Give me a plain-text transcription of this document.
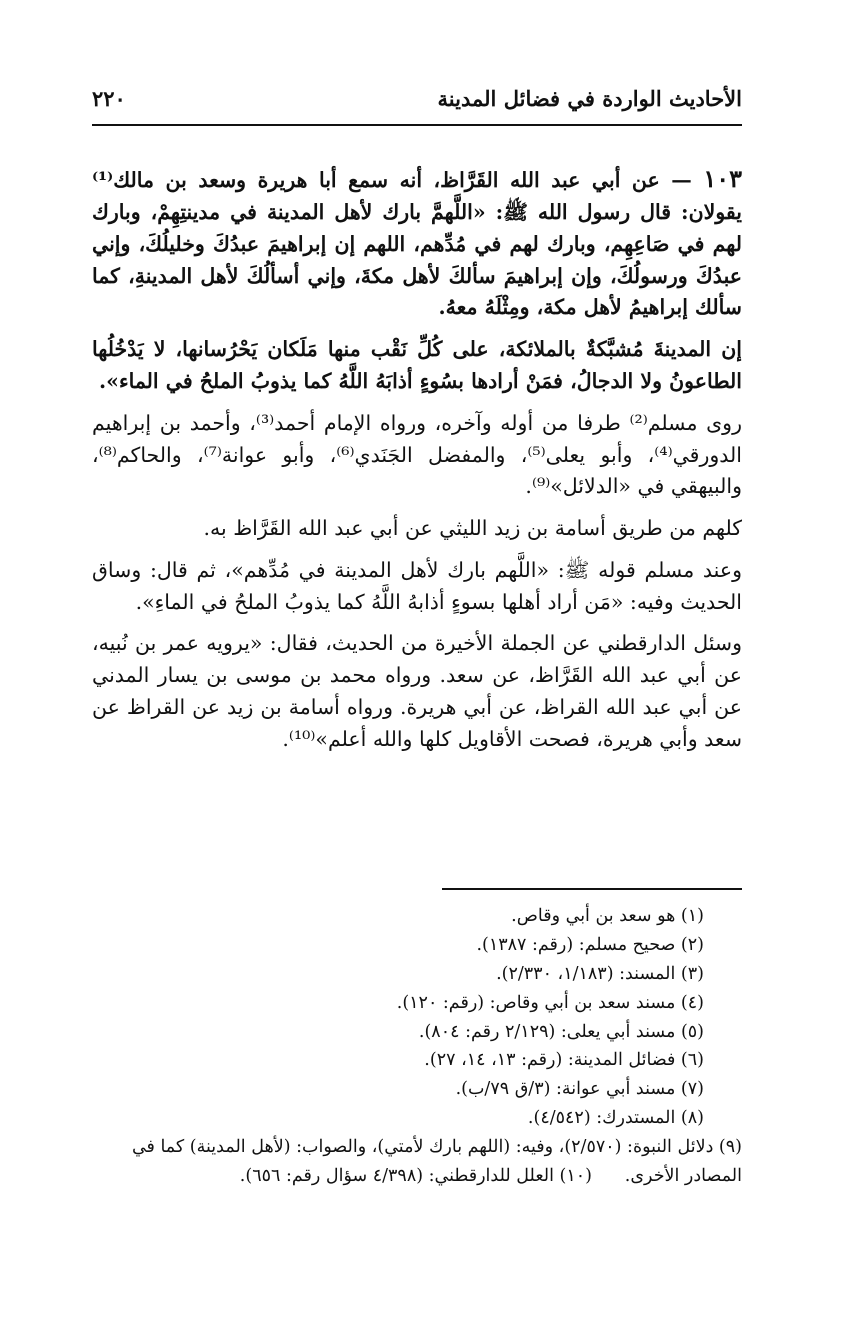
الأحاديث الواردة في فضائل المدينة
٢٢٠

١٠٣ — عن أبي عبد الله القَرَّاظ، أنه سمع أبا هريرة وسعد بن مالك⁽¹⁾ يقولان: قال رسول الله ﷺ: «اللَّهمَّ بارك لأهل المدينة في مدينتِهِمْ، وبارك لهم في صَاعِهِم، وبارك لهم في مُدِّهم، اللهم إن إبراهيمَ عبدُكَ وخليلُكَ، وإني عبدُكَ ورسولُكَ، وإن إبراهيمَ سألكَ لأهل مكةَ، وإني أسألُكَ لأهل المدينةِ، كما سألك إبراهيمُ لأهل مكة، ومِثْلَهُ معهُ.

إن المدينةَ مُشبَّكةٌ بالملائكة، على كُلِّ نَقْب منها مَلَكان يَحْرُسانها، لا يَدْخُلُها الطاعونُ ولا الدجالُ، فمَنْ أرادها بسُوءٍ أذابَهُ اللَّهُ كما يذوبُ الملحُ في الماء».

روى مسلم⁽²⁾ طرفا من أوله وآخره، ورواه الإمام أحمد⁽³⁾، وأحمد بن إبراهيم الدورقي⁽⁴⁾، وأبو يعلى⁽⁵⁾، والمفضل الجَنَدي⁽⁶⁾، وأبو عوانة⁽⁷⁾، والحاكم⁽⁸⁾، والبيهقي في «الدلائل»⁽⁹⁾.

كلهم من طريق أسامة بن زيد الليثي عن أبي عبد الله القَرَّاظ به.

وعند مسلم قوله ﷺ: «اللَّهم بارك لأهل المدينة في مُدِّهم»، ثم قال: وساق الحديث وفيه: «مَن أراد أهلها بسوءٍ أذابهُ اللَّهُ كما يذوبُ الملحُ في الماءِ».

وسئل الدارقطني عن الجملة الأخيرة من الحديث، فقال: «يرويه عمر بن نُبيه، عن أبي عبد الله القَرَّاظ، عن سعد. ورواه محمد بن موسى بن يسار المدني عن أبي عبد الله القراظ، عن أبي هريرة. ورواه أسامة بن زيد عن القراظ عن سعد وأبي هريرة، فصحت الأقاويل كلها والله أعلم»⁽¹⁰⁾.

(١) هو سعد بن أبي وقاص.
(٢) صحيح مسلم: (رقم: ١٣٨٧).
(٣) المسند: (١/١٨٣، ٢/٣٣٠).
(٤) مسند سعد بن أبي وقاص: (رقم: ١٢٠).
(٥) مسند أبي يعلى: (٢/١٢٩ رقم: ٨٠٤).
(٦) فضائل المدينة: (رقم: ١٣، ١٤، ٢٧).
(٧) مسند أبي عوانة: (٣/ق ٧٩/ب).
(٨) المستدرك: (٤/٥٤٢).
(٩) دلائل النبوة: (٢/٥٧٠)، وفيه: (اللهم بارك لأمتي)، والصواب: (لأهل المدينة) كما في
المصادر الأخرى.
(١٠) العلل للدارقطني: (٤/٣٩٨ سؤال رقم: ٦٥٦).
